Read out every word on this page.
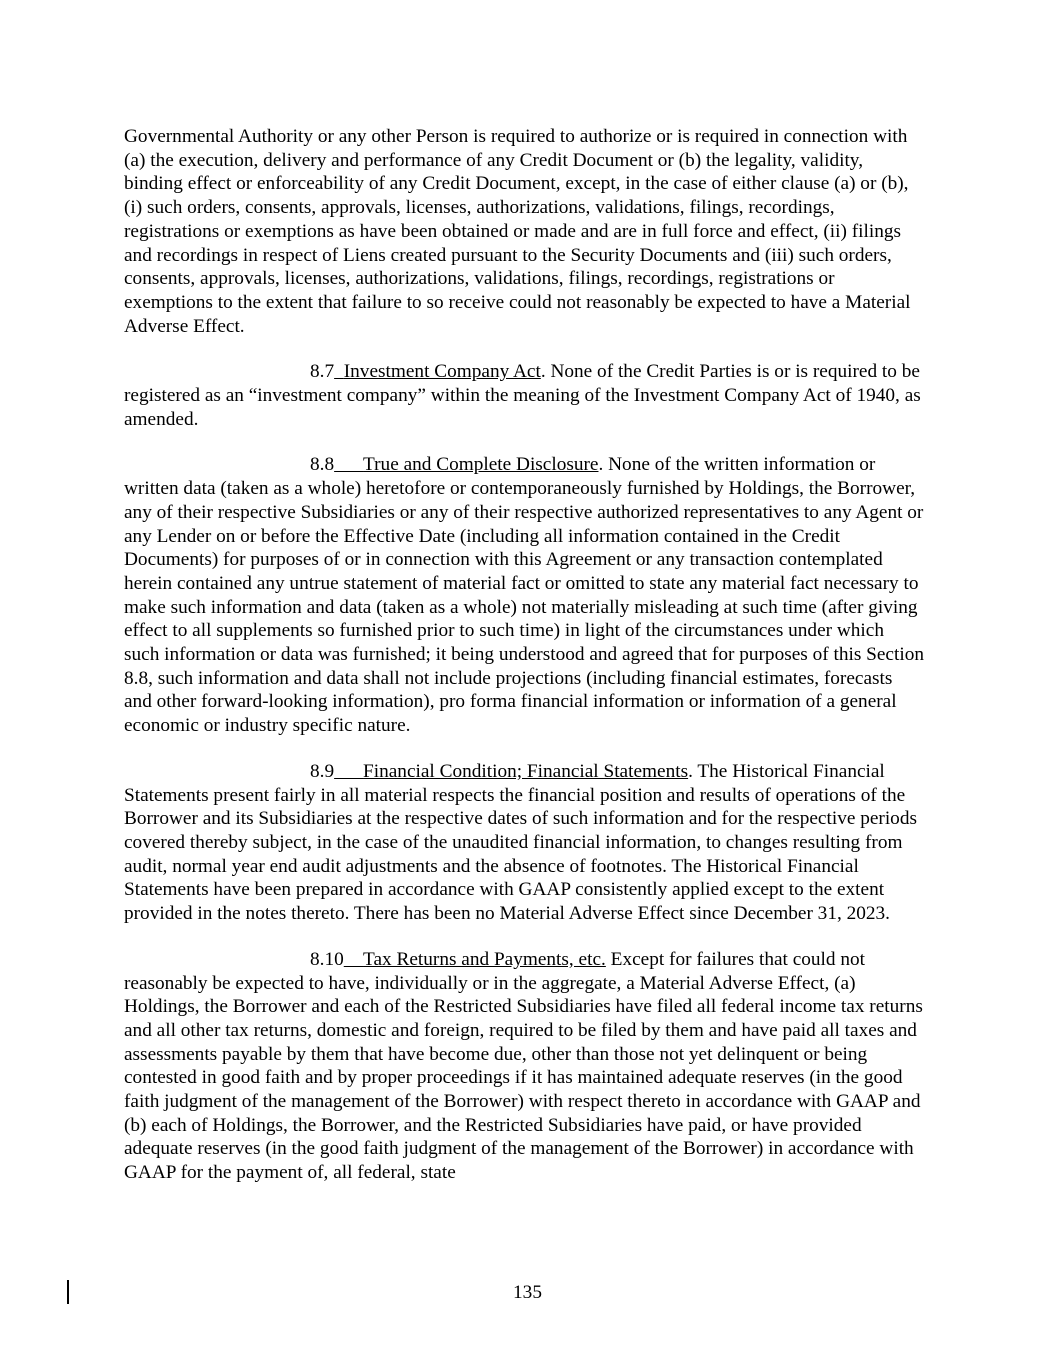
Governmental Authority or any other Person is required to authorize or is required in connection with (a) the execution, delivery and performance of any Credit Document or (b) the legality, validity, binding effect or enforceability of any Credit Document, except, in the case of either clause (a) or (b), (i) such orders, consents, approvals, licenses, authorizations, validations, filings, recordings, registrations or exemptions as have been obtained or made and are in full force and effect, (ii) filings and recordings in respect of Liens created pursuant to the Security Documents and (iii) such orders, consents, approvals, licenses, authorizations, validations, filings, recordings, registrations or exemptions to the extent that failure to so receive could not reasonably be expected to have a Material Adverse Effect.

8.7 Investment Company Act. None of the Credit Parties is or is required to be registered as an “investment company” within the meaning of the Investment Company Act of 1940, as amended.

8.8 True and Complete Disclosure. None of the written information or written data (taken as a whole) heretofore or contemporaneously furnished by Holdings, the Borrower, any of their respective Subsidiaries or any of their respective authorized representatives to any Agent or any Lender on or before the Effective Date (including all information contained in the Credit Documents) for purposes of or in connection with this Agreement or any transaction contemplated herein contained any untrue statement of material fact or omitted to state any material fact necessary to make such information and data (taken as a whole) not materially misleading at such time (after giving effect to all supplements so furnished prior to such time) in light of the circumstances under which such information or data was furnished; it being understood and agreed that for purposes of this Section 8.8, such information and data shall not include projections (including financial estimates, forecasts and other forward-looking information), pro forma financial information or information of a general economic or industry specific nature.

8.9 Financial Condition; Financial Statements. The Historical Financial Statements present fairly in all material respects the financial position and results of operations of the Borrower and its Subsidiaries at the respective dates of such information and for the respective periods covered thereby subject, in the case of the unaudited financial information, to changes resulting from audit, normal year end audit adjustments and the absence of footnotes. The Historical Financial Statements have been prepared in accordance with GAAP consistently applied except to the extent provided in the notes thereto. There has been no Material Adverse Effect since December 31, 2023.

8.10 Tax Returns and Payments, etc. Except for failures that could not reasonably be expected to have, individually or in the aggregate, a Material Adverse Effect, (a) Holdings, the Borrower and each of the Restricted Subsidiaries have filed all federal income tax returns and all other tax returns, domestic and foreign, required to be filed by them and have paid all taxes and assessments payable by them that have become due, other than those not yet delinquent or being contested in good faith and by proper proceedings if it has maintained adequate reserves (in the good faith judgment of the management of the Borrower) with respect thereto in accordance with GAAP and (b) each of Holdings, the Borrower, and the Restricted Subsidiaries have paid, or have provided adequate reserves (in the good faith judgment of the management of the Borrower) in accordance with GAAP for the payment of, all federal, state

135
